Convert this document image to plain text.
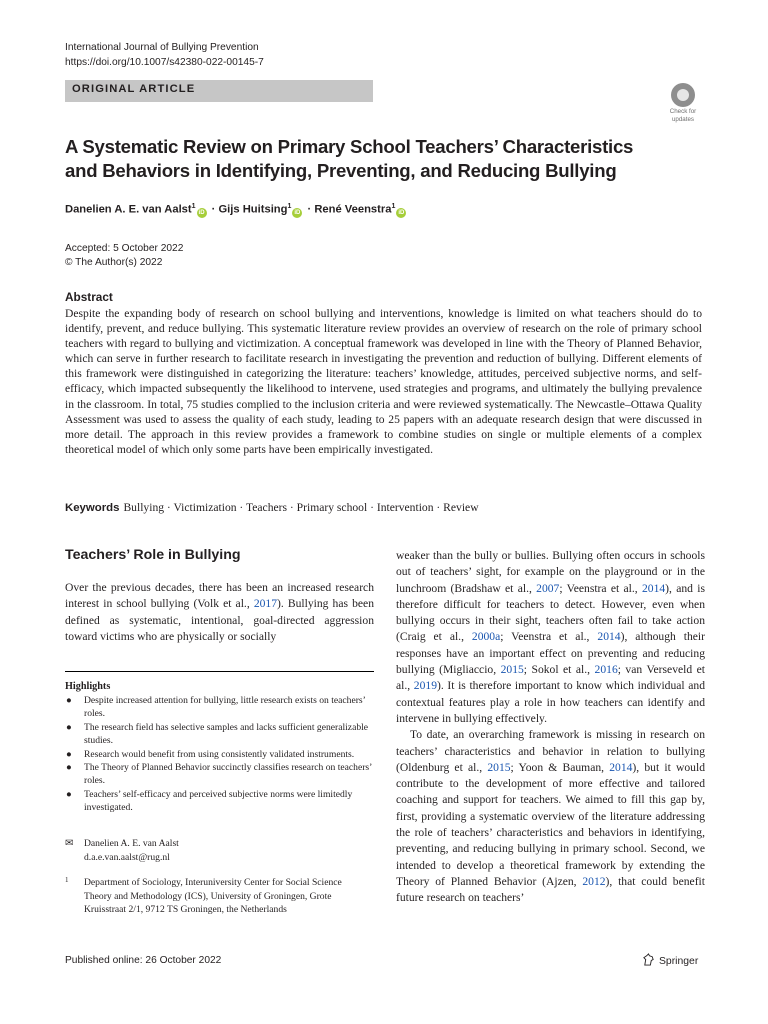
International Journal of Bullying Prevention
https://doi.org/10.1007/s42380-022-00145-7
ORIGINAL ARTICLE
Check for
updates
A Systematic Review on Primary School Teachers’ Characteristics
and Behaviors in Identifying, Preventing, and Reducing Bullying
Danelien A. E. van Aalst$^1$iD · Gijs Huitsing$^1$iD · René Veenstra$^1$iD
Accepted: 5 October 2022
© The Author(s) 2022
Abstract
Despite the expanding body of research on school bullying and interventions, knowledge is limited on what teachers should do to identify, prevent, and reduce bullying. This systematic literature review provides an overview of research on the role of primary school teachers with regard to bullying and victimization. A conceptual framework was developed in line with the Theory of Planned Behavior, which can serve in further research to facilitate research in investigating the prevention and reduction of bullying. Different elements of this framework were distinguished in categorizing the literature: teachers’ knowledge, attitudes, perceived subjective norms, and self-efficacy, which impacted subsequently the likelihood to intervene, used strategies and programs, and ultimately the bullying prevalence in the classroom. In total, 75 studies complied to the inclusion criteria and were reviewed systematically. The Newcastle–Ottawa Quality Assessment was used to assess the quality of each study, leading to 25 papers with an adequate research design that were discussed in more detail. The approach in this review provides a framework to combine studies on single or multiple elements of a complex theoretical model of which only some parts have been empirically investigated.
Keywords Bullying · Victimization · Teachers · Primary school · Intervention · Review
Teachers’ Role in Bullying
Over the previous decades, there has been an increased research interest in school bullying (Volk et al., 2017). Bullying has been defined as systematic, intentional, goal-directed aggression toward victims who are physically or socially
Highlights
● Despite increased attention for bullying, little research exists on teachers’ roles.
● The research field has selective samples and lacks sufficient generalizable studies.
● Research would benefit from using consistently validated instruments.
● The Theory of Planned Behavior succinctly classifies research on teachers’ roles.
● Teachers’ self-efficacy and perceived subjective norms were limitedly investigated.
✉ Danelien A. E. van Aalst
d.a.e.van.aalst@rug.nl
1 Department of Sociology, Interuniversity Center for Social Science Theory and Methodology (ICS), University of Groningen, Grote Kruisstraat 2/1, 9712 TS Groningen, the Netherlands

weaker than the bully or bullies. Bullying often occurs in schools out of teachers’ sight, for example on the playground or in the lunchroom (Bradshaw et al., 2007; Veenstra et al., 2014), and is therefore difficult for teachers to detect. However, even when bullying occurs in their sight, teachers often fail to take action (Craig et al., 2000a; Veenstra et al., 2014), although their responses have an important effect on preventing and reducing bullying (Migliaccio, 2015; Sokol et al., 2016; van Verseveld et al., 2019). It is therefore important to know which individual and contextual features play a role in how teachers can identify and intervene in bullying effectively.

To date, an overarching framework is missing in research on teachers’ characteristics and behavior in relation to bullying (Oldenburg et al., 2015; Yoon & Bauman, 2014), but it would contribute to the development of more effective and tailored coaching and support for teachers. We aimed to fill this gap by, first, providing a systematic overview of the literature addressing the role of teachers’ characteristics and behaviors in identifying, preventing, and reducing bullying in primary school. Second, we intended to develop a theoretical framework by extending the Theory of Planned Behavior (Ajzen, 2012), that could benefit future research on teachers’

Published online: 26 October 2022	Springer
